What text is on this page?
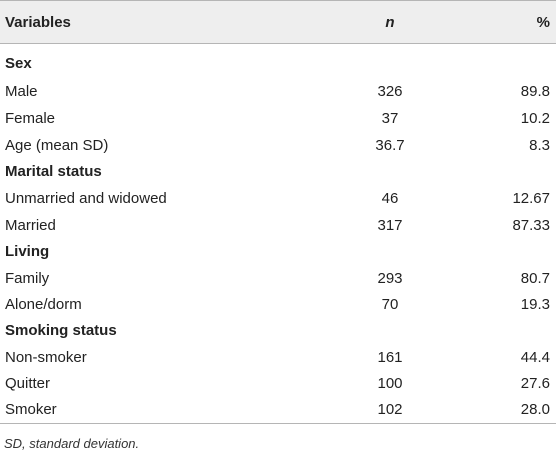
Variables	n	%
Sex
Male	326	89.8
Female	37	10.2
Age (mean SD)	36.7	8.3
Marital status
Unmarried and widowed	46	12.67
Married	317	87.33
Living
Family	293	80.7
Alone/dorm	70	19.3
Smoking status
Non-smoker	161	44.4
Quitter	100	27.6
Smoker	102	28.0
SD, standard deviation.
